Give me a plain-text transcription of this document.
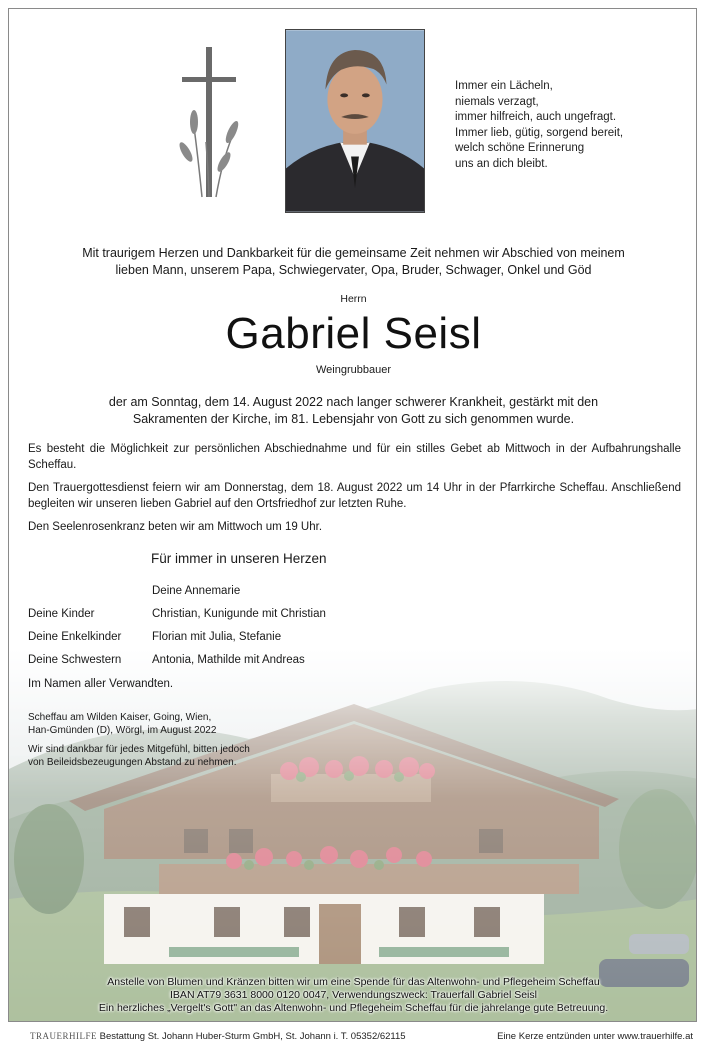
Immer ein Lächeln,
niemals verzagt,
immer hilfreich, auch ungefragt.
Immer lieb, gütig, sorgend bereit,
welch schöne Erinnerung
uns an dich bleibt.
Mit traurigem Herzen und Dankbarkeit für die gemeinsame Zeit nehmen wir Abschied von meinem
lieben Mann, unserem Papa, Schwiegervater, Opa, Bruder, Schwager, Onkel und Göd
Herrn
Gabriel Seisl
Weingrubbauer
der am Sonntag, dem 14. August 2022 nach langer schwerer Krankheit, gestärkt mit den
Sakramenten der Kirche, im 81. Lebensjahr von Gott zu sich genommen wurde.
Es besteht die Möglichkeit zur persönlichen Abschiednahme und für ein stilles Gebet ab Mittwoch in der Aufbahrungshalle Scheffau.
Den Trauergottesdienst feiern wir am Donnerstag, dem 18. August 2022 um 14 Uhr in der Pfarrkirche Scheffau. Anschließend begleiten wir unseren lieben Gabriel auf den Ortsfriedhof zur letzten Ruhe.
Den Seelenrosenkranz beten wir am Mittwoch um 19 Uhr.
Für immer in unseren Herzen
Deine Annemarie
Deine Kinder	Christian, Kunigunde mit Christian
Deine Enkelkinder	Florian mit Julia, Stefanie
Deine Schwestern	Antonia, Mathilde mit Andreas
Im Namen aller Verwandten.
Scheffau am Wilden Kaiser, Going, Wien,
Han-Gmünden (D), Wörgl, im August 2022
Wir sind dankbar für jedes Mitgefühl, bitten jedoch
von Beileidsbezeugungen Abstand zu nehmen.
Anstelle von Blumen und Kränzen bitten wir um eine Spende für das Altenwohn- und Pflegeheim Scheffau
IBAN AT79 3631 8000 0120 0047, Verwendungszweck: Trauerfall Gabriel Seisl
Ein herzliches „Vergelt's Gott" an das Altenwohn- und Pflegeheim Scheffau für die jahrelange gute Betreuung.
TRAUERHILFE Bestattung St. Johann Huber-Sturm GmbH, St. Johann i. T. 05352/62115	Eine Kerze entzünden unter www.trauerhilfe.at
